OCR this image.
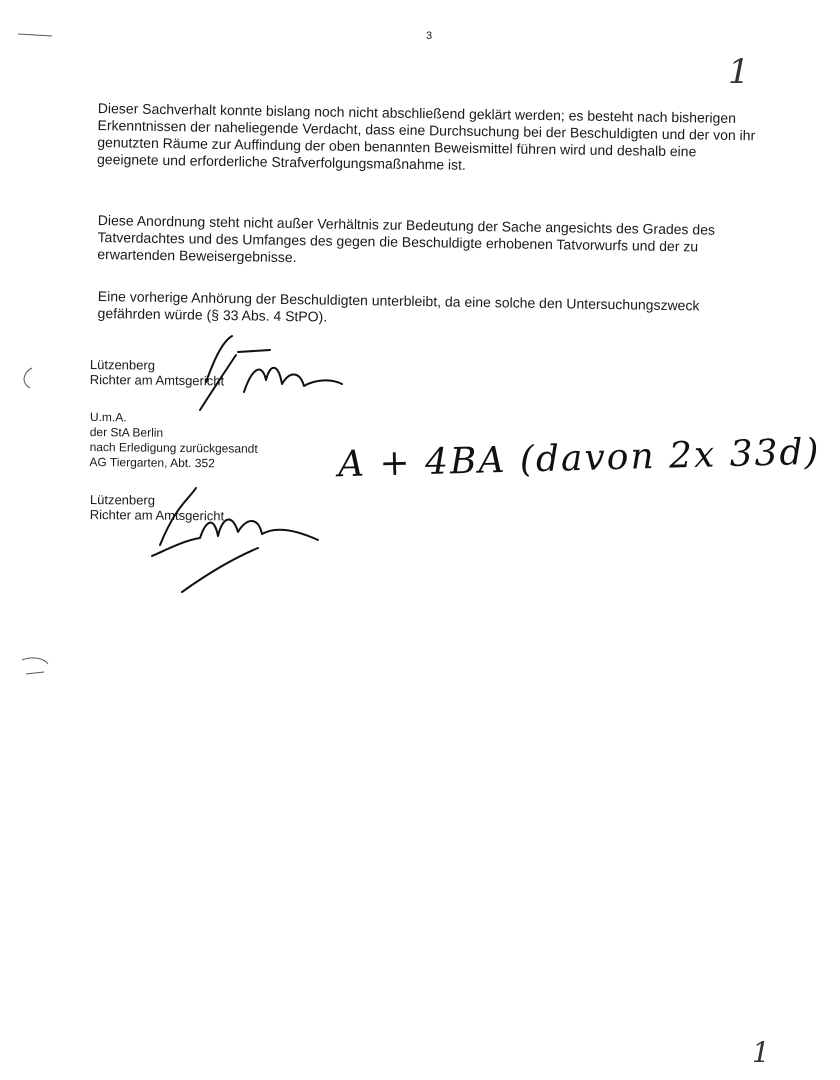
3
1
1

Dieser Sachverhalt konnte bislang noch nicht abschließend geklärt werden; es besteht nach bisherigen Erkenntnissen der naheliegende Verdacht, dass eine Durchsuchung bei der Beschuldigten und der von ihr genutzten Räume zur Auffindung der oben benannten Beweismittel führen wird und deshalb eine geeignete und erforderliche Strafverfolgungsmaßnahme ist.

Diese Anordnung steht nicht außer Verhältnis zur Bedeutung der Sache angesichts des Grades des Tatverdachtes und des Umfanges des gegen die Beschuldigte erhobenen Tatvorwurfs und der zu erwartenden Beweisergebnisse.

Eine vorherige Anhörung der Beschuldigten unterbleibt, da eine solche den Untersuchungszweck gefährden würde (§ 33 Abs. 4 StPO).

Lützenberg
Richter am Amtsgericht
U.m.A.
der StA Berlin
nach Erledigung zurückgesandt
AG Tiergarten, Abt. 352	A + 4BA (davon 2x 33d)
Lützenberg
Richter am Amtsgericht
